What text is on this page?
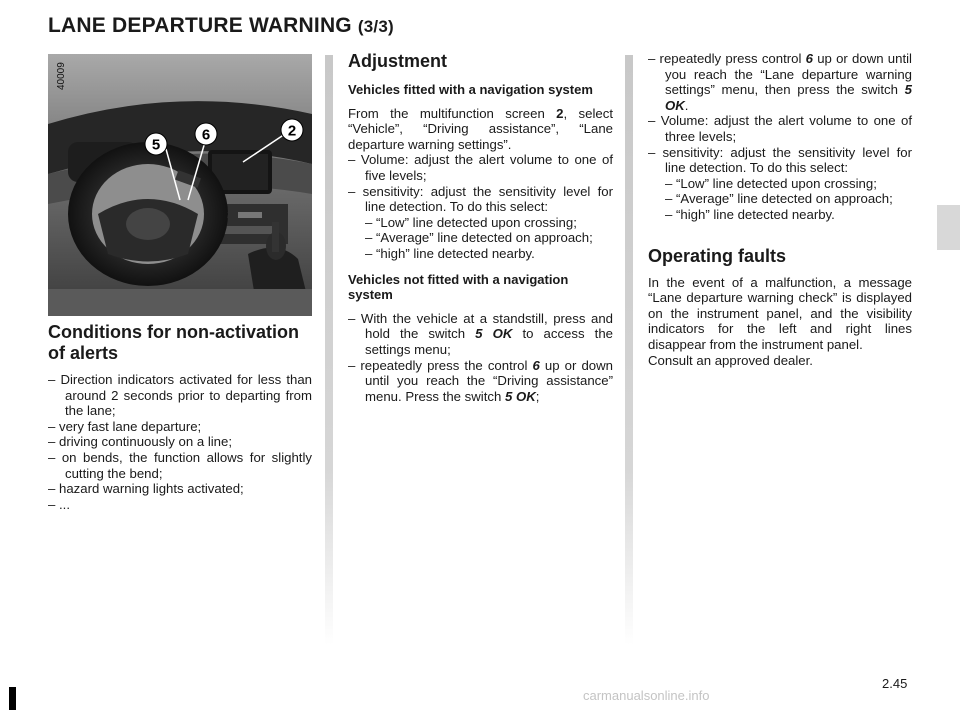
LANE DEPARTURE WARNING (3/3)
5
6	2
40009
Conditions for non-activation of alerts

– Direction indicators activated for less than around 2 seconds prior to departing from the lane;

– very fast lane departure;

– driving continuously on a line;

– on bends, the function allows for slightly cutting the bend;

– hazard warning lights activated;

– ...

Adjustment
Vehicles fitted with a navigation system

From the multifunction screen 2, select “Vehicle”, “Driving assistance”, “Lane departure warning settings”.

– Volume: adjust the alert volume to one of five levels;

– sensitivity: adjust the sensitivity level for line detection. To do this select:

– “Low” line detected upon crossing;

– “Average” line detected on approach;

– “high” line detected nearby.

Vehicles not fitted with a navigation system

– With the vehicle at a standstill, press and hold the switch 5 OK to access the settings menu;

– repeatedly press the control 6 up or down until you reach the “Driving assistance” menu. Press the switch 5 OK;

– repeatedly press control 6 up or down until you reach the “Lane departure warning settings” menu, then press the switch 5 OK.

– Volume: adjust the alert volume to one of three levels;

– sensitivity: adjust the sensitivity level for line detection. To do this select:

– “Low” line detected upon crossing;

– “Average” line detected on approach;

– “high” line detected nearby.

Operating faults

In the event of a malfunction, a message “Lane departure warning check” is displayed on the instrument panel, and the visibility indicators for the left and right lines disappear from the instrument panel.

Consult an approved dealer.

2.45
carmanualsonline.info
